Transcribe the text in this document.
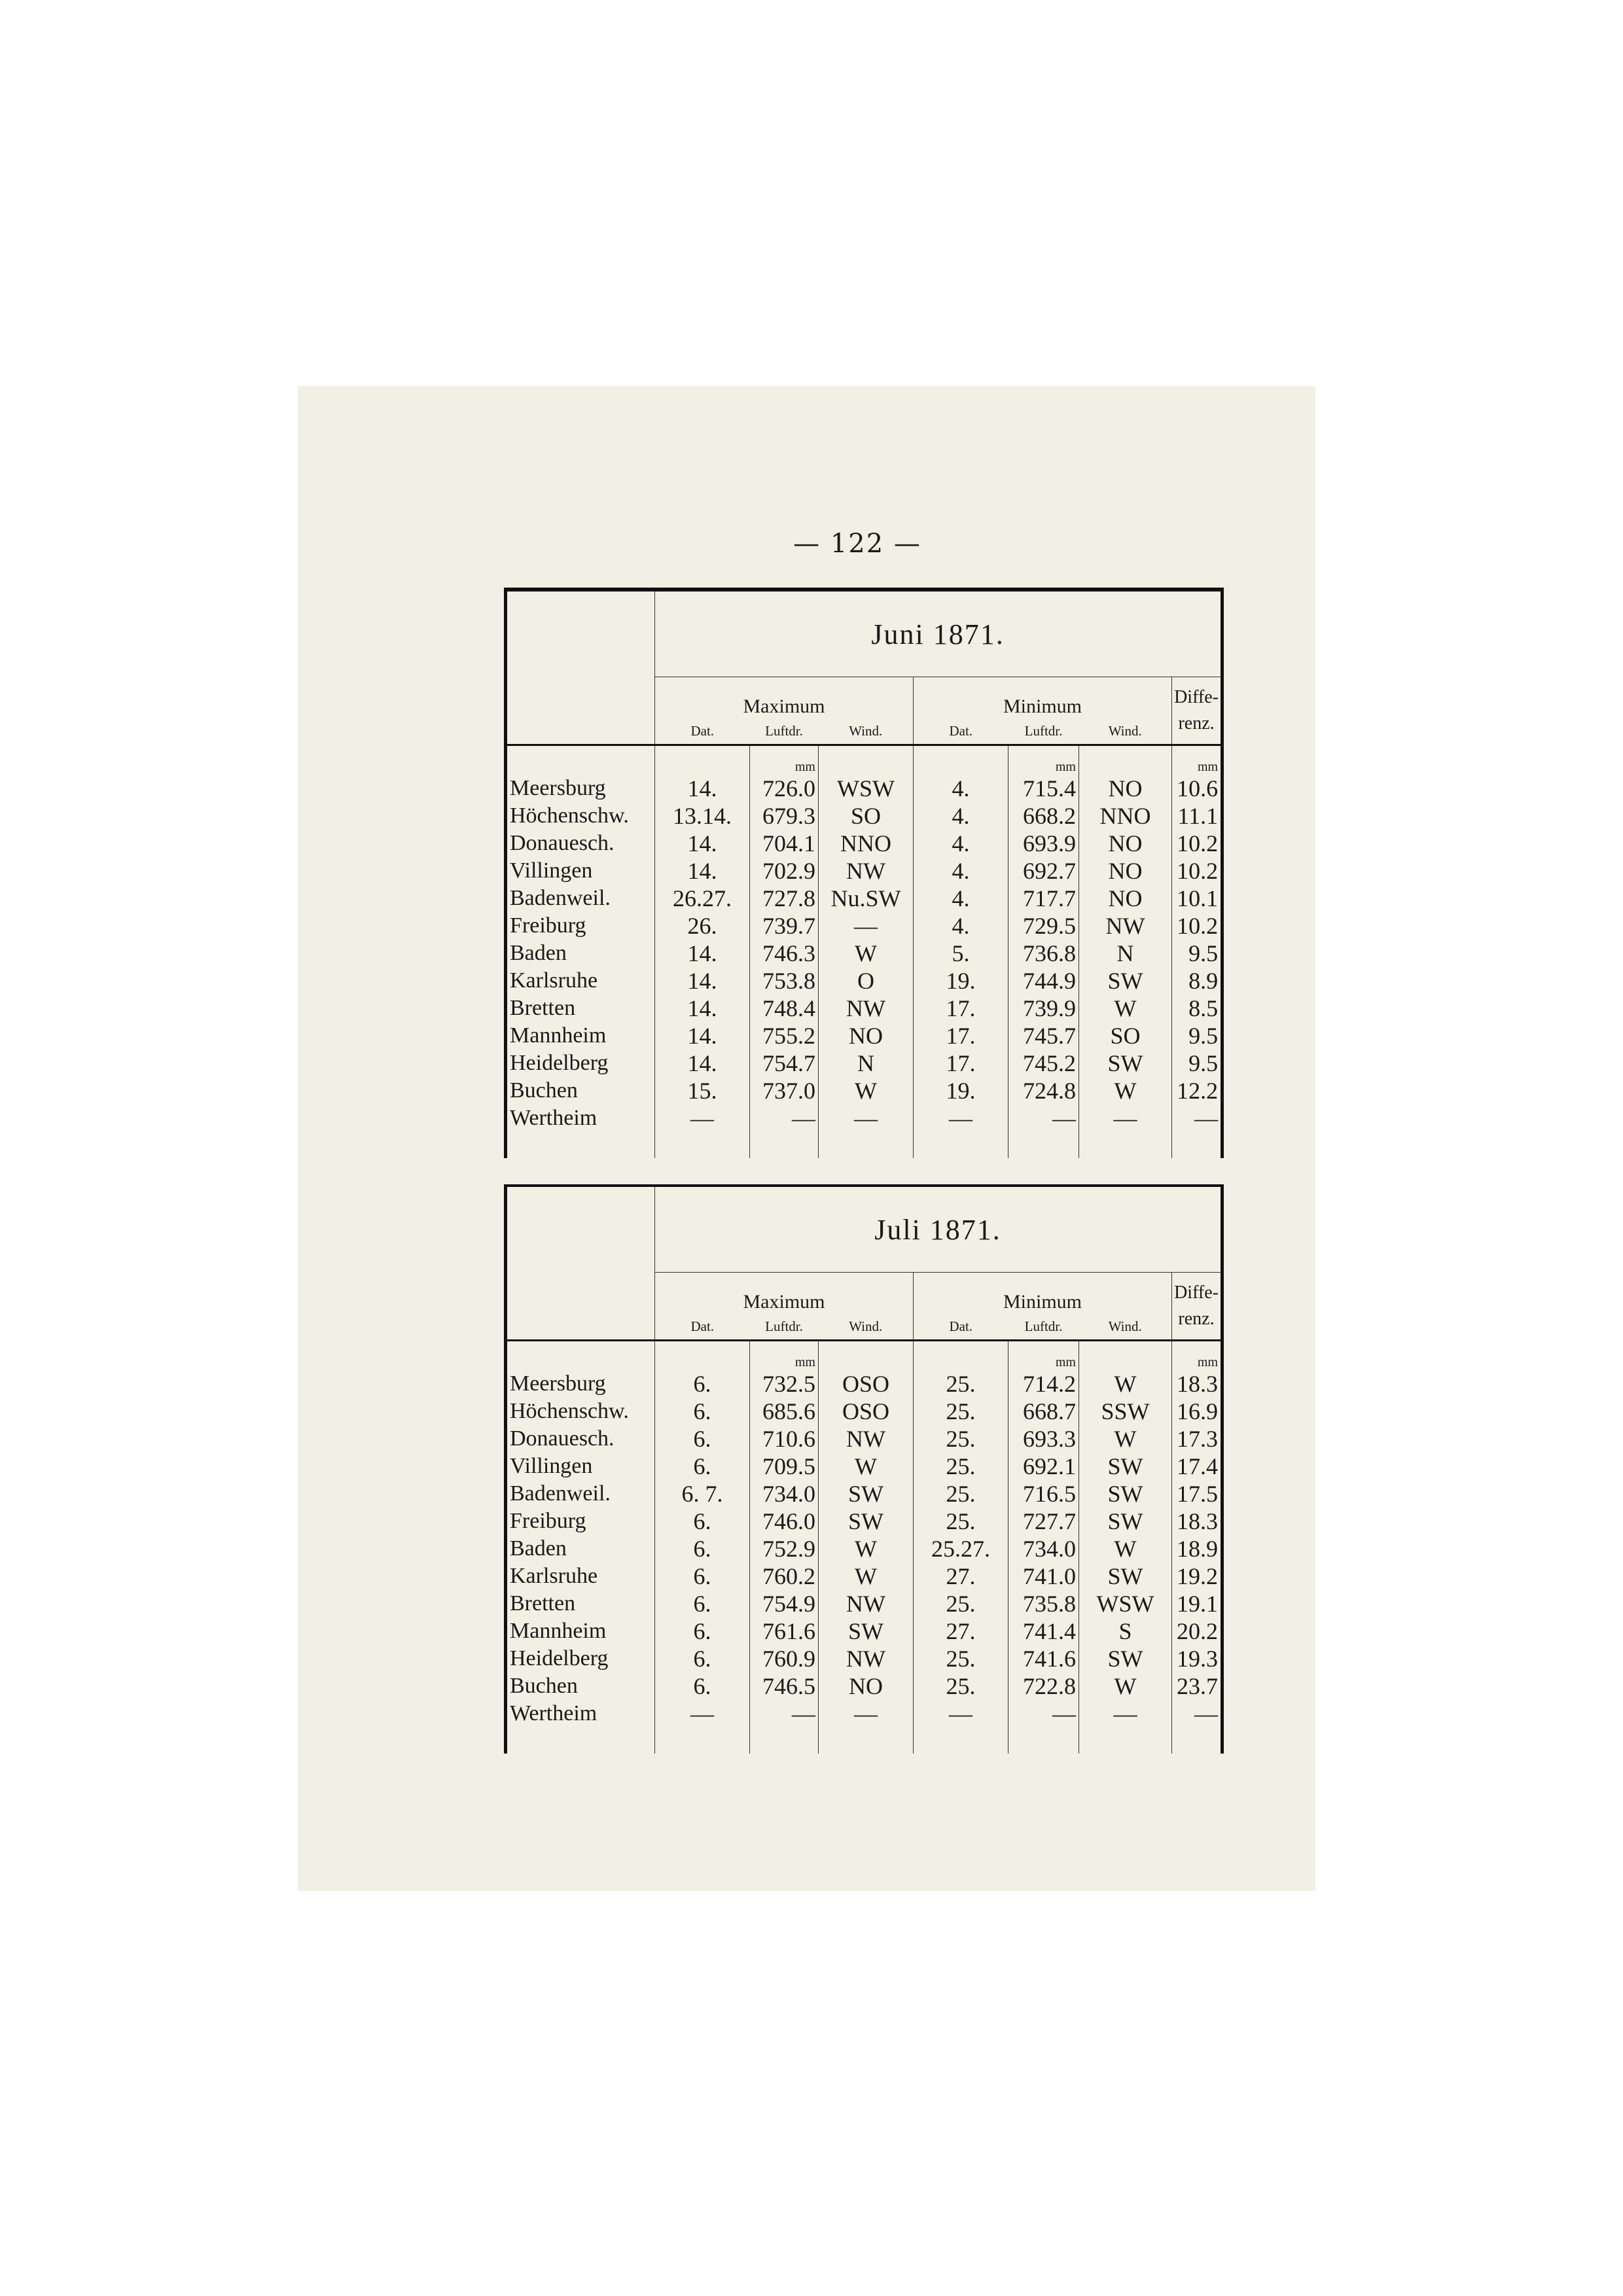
— 122 —
	Juni 1871.						
	Maximum			Minimum			Diffe-
renz.
	Dat.	Luftdr.	Wind.	Dat.	Luftdr.	Wind.	
		mm			mm		mm
Meersburg	14.	726.0	WSW	4.	715.4	NO	10.6
Höchenschw.	13.14.	679.3	SO	4.	668.2	NNO	11.1
Donauesch.	14.	704.1	NNO	4.	693.9	NO	10.2
Villingen	14.	702.9	NW	4.	692.7	NO	10.2
Badenweil.	26.27.	727.8	Nu.SW	4.	717.7	NO	10.1
Freiburg	26.	739.7	—	4.	729.5	NW	10.2
Baden	14.	746.3	W	5.	736.8	N	9.5
Karlsruhe	14.	753.8	O	19.	744.9	SW	8.9
Bretten	14.	748.4	NW	17.	739.9	W	8.5
Mannheim	14.	755.2	NO	17.	745.7	SO	9.5
Heidelberg	14.	754.7	N	17.	745.2	SW	9.5
Buchen	15.	737.0	W	19.	724.8	W	12.2
Wertheim	—	—	—	—	—	—	—

	Juli 1871.						
	Maximum			Minimum			Diffe-
renz.
	Dat.	Luftdr.	Wind.	Dat.	Luftdr.	Wind.	
		mm			mm		mm
Meersburg	6.	732.5	OSO	25.	714.2	W	18.3
Höchenschw.	6.	685.6	OSO	25.	668.7	SSW	16.9
Donauesch.	6.	710.6	NW	25.	693.3	W	17.3
Villingen	6.	709.5	W	25.	692.1	SW	17.4
Badenweil.	6. 7.	734.0	SW	25.	716.5	SW	17.5
Freiburg	6.	746.0	SW	25.	727.7	SW	18.3
Baden	6.	752.9	W	25.27.	734.0	W	18.9
Karlsruhe	6.	760.2	W	27.	741.0	SW	19.2
Bretten	6.	754.9	NW	25.	735.8	WSW	19.1
Mannheim	6.	761.6	SW	27.	741.4	S	20.2
Heidelberg	6.	760.9	NW	25.	741.6	SW	19.3
Buchen	6.	746.5	NO	25.	722.8	W	23.7
Wertheim	—	—	—	—	—	—	—
